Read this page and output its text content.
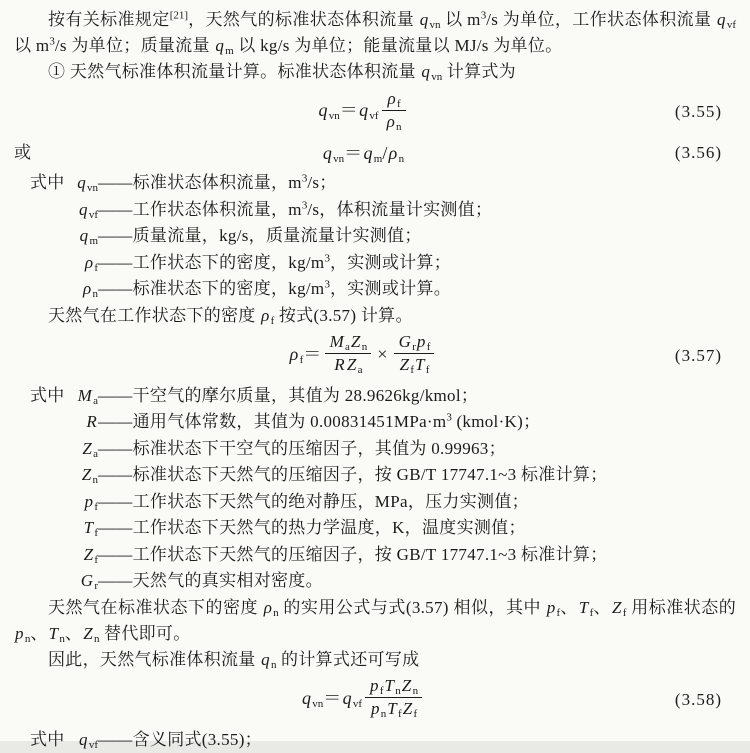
按有关标准规定[21]，天然气的标准状态体积流量 $q_{vn}$ 以 $m^3/s$ 为单位，工作状态体积流量 $q_{vf}$ 以 $m^3/s$ 为单位；质量流量 $q_m$ 以 kg/s 为单位；能量流量以 MJ/s 为单位。

① 天然气标准体积流量计算。标准状态体积流量 $q_{vn}$ 计算式为

$q_{vn}=q_{vf} \frac{\rho_f}{\rho_n}$	(3.55)
或	$q_{vn}=q_m/\rho_n$	(3.56)
式中 $q_{vn}$ ——标准状态体积流量，$m^3/s$；
$q_{vf}$ ——工作状态体积流量，$m^3/s$，体积流量计实测值；
$q_m$ ——质量流量，kg/s，质量流量计实测值；
$\rho_f$ ——工作状态下的密度，$kg/m^3$，实测或计算；
$\rho_n$ ——标准状态下的密度，$kg/m^3$，实测或计算。

天然气在工作状态下的密度 $\rho_f$ 按式(3.57) 计算。

$\rho_f= \frac{M_aZ_n}{R Z_a} \times \frac{G_rp_f}{Z_fT_f}$	(3.57)
式中 $M_a$ ——干空气的摩尔质量，其值为 28.9626kg/kmol；
R ——通用气体常数，其值为 $0.00831451MPa\cdot m^3$ (kmol·K)；
$Z_a$ ——标准状态下干空气的压缩因子，其值为 0.99963；
$Z_n$ ——标准状态下天然气的压缩因子，按 GB/T 17747.1~3 标准计算；
$p_f$ ——工作状态下天然气的绝对静压，MPa，压力实测值；
$T_f$ ——工作状态下天然气的热力学温度，K，温度实测值；
$Z_f$ ——工作状态下天然气的压缩因子，按 GB/T 17747.1~3 标准计算；
$G_r$ ——天然气的真实相对密度。

天然气在标准状态下的密度 $\rho_n$ 的实用公式与式(3.57) 相似，其中 $p_f$、$T_f$、$Z_f$ 用标准状态的 $p_n$、$T_n$、$Z_n$ 替代即可。

因此，天然气标准体积流量 $q_n$ 的计算式还可写成

$q_{vn}=q_{vf} \frac{p_fT_nZ_n}{p_nT_fZ_f}$	(3.58)
式中 $q_{vf}$ ——含义同式(3.55)；
